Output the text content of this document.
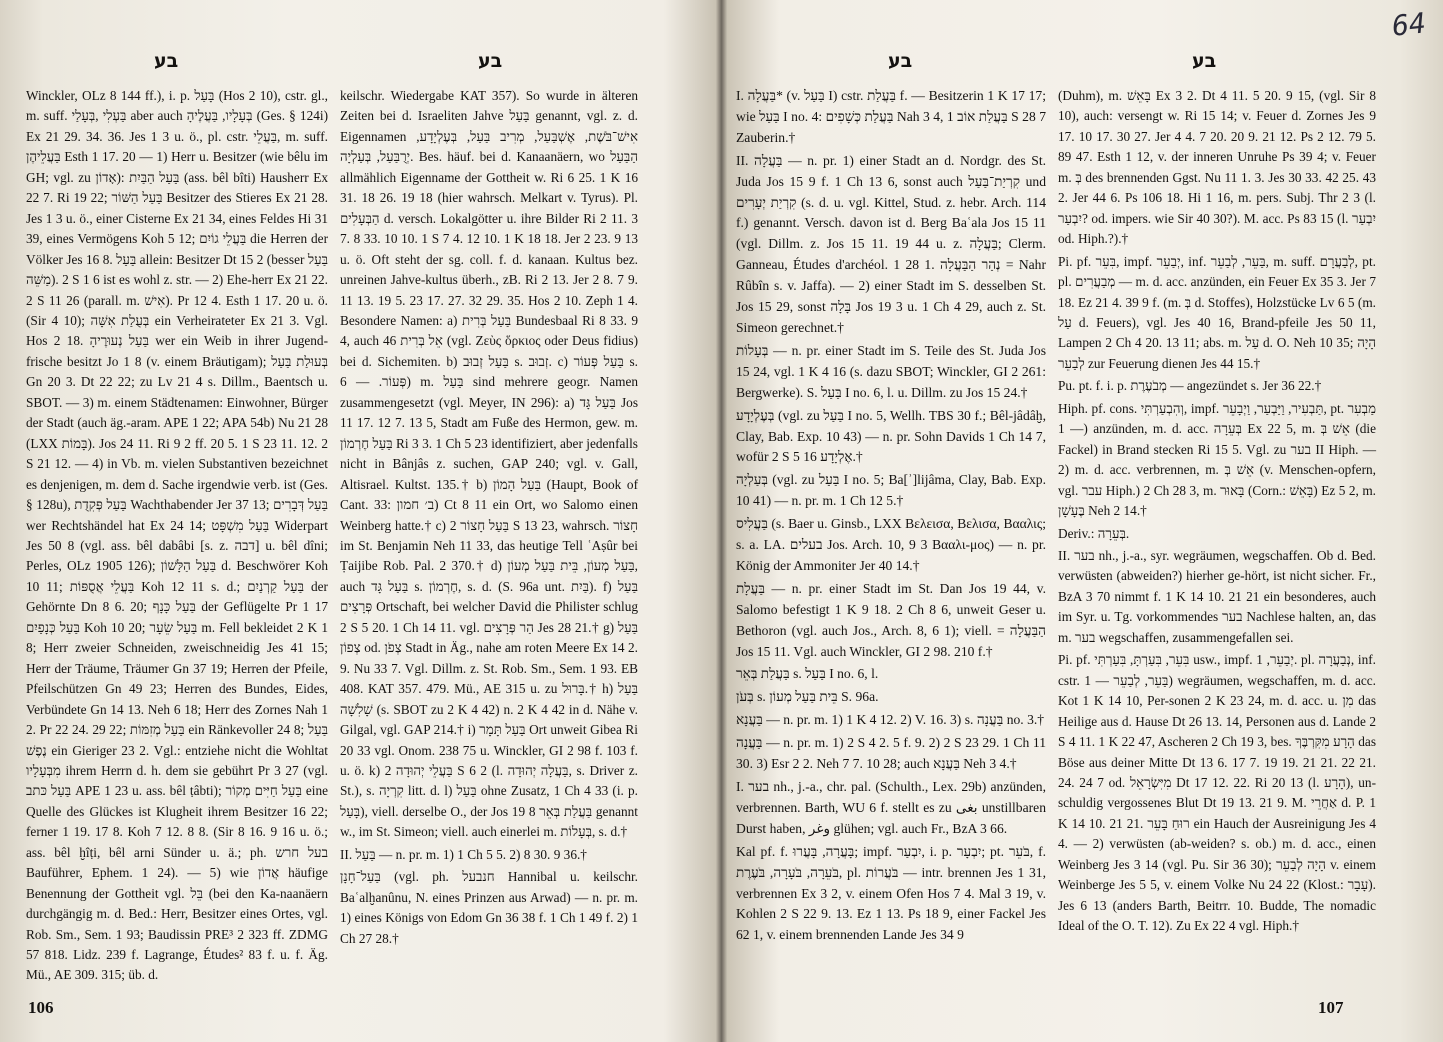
בע	בע

Winckler, OLz 8 144 ff.), i. p. בָּעַל (Hos 2 10), cstr. gl., m. suff. בַּעְלִי ,בְּעָלַי aber auch בְּעָלָיו, בַּעֲלֶיהָ (Ges. § 124i) Ex 21 29. 34. 36. Jes 1 3 u. ö., pl. cstr. בַּעֲלֵי, m. suff. בַּעֲלֵיהֶן Esth 1 17. 20 — 1) Herr u. Besitzer (wie bêlu im GH; vgl. zu אָדוֹן): בַּעַל הַבַּיִת (ass. bêl bîti) Hausherr Ex 22 7. Ri 19 22; בַּעַל הַשּׁוֹר Besitzer des Stieres Ex 21 28. Jes 1 3 u. ö., einer Cisterne Ex 21 34, eines Feldes Hi 31 39, eines Vermögens Koh 5 12; בַּעֲלֵי גוֹיִם die Herren der Völker Jes 16 8. בַּעַל allein: Besitzer Dt 15 2 (besser בַּעַל מַשֵּׁה). 2 S 1 6 ist es wohl z. str. — 2) Ehe-herr Ex 21 22. 2 S 11 26 (parall. m. אִישׁ). Pr 12 4. Esth 1 17. 20 u. ö. (Sir 4 10); בְּעֻלַת אִשָּׁה ein Verheirateter Ex 21 3. Vgl. Hos 2 18. בַּעַל נְעוּרֶיהָ wer ein Weib in ihrer Jugend-frische besitzt Jo 1 8 (v. einem Bräutigam); בְּעוּלַת בַּעַל Gn 20 3. Dt 22 22; zu Lv 21 4 s. Dillm., Baentsch u. SBOT. — 3) m. einem Städtenamen: Einwohner, Bürger der Stadt (auch äg.-aram. APE 1 22; APA 54b) Nu 21 28 (LXX בָּמוֹת). Jos 24 11. Ri 9 2 ff. 20 5. 1 S 23 11. 12. 2 S 21 12. — 4) in Vb. m. vielen Substantiven bezeichnet es denjenigen, m. dem d. Sache irgendwie verb. ist (Ges. § 128u), בַּעַל פְּקִדֻת Wachthabender Jer 37 13; בַּעַל דְּבָרִים wer Rechtshändel hat Ex 24 14; בַּעַל מִשְׁפָּט Widerpart Jes 50 8 (vgl. ass. bêl dabâbi [s. z. דבה] u. bêl dîni; Perles, OLz 1905 126); בַּעַל הַלָּשׁוֹן d. Beschwörer Koh 10 11; בַּעֲלֵי אֲסֻפּוֹת Koh 12 11 s. d.; בַּעַל קַרְנַיִם der Gehörnte Dn 8 6. 20; בַּעַל כָּנָף der Geflügelte Pr 1 17 בַּעַל כְּנָפַיִם Koh 10 20; בַּעַל שֵׂעָר m. Fell bekleidet 2 K 1 8; Herr zweier Schneiden, zweischneidig Jes 41 15; Herr der Träume, Träumer Gn 37 19; Herren der Pfeile, Pfeilschützen Gn 49 23; Herren des Bundes, Eides, Verbündete Gn 14 13. Neh 6 18; Herr des Zornes Nah 1 2. Pr 22 24. 29 22; בַּעַל מְזִמּוֹת ein Ränkevoller 24 8; בַּעַל נֶפֶשׁ ein Gieriger 23 2. Vgl.: entziehe nicht die Wohltat מִבְּעָלָיו ihrem Herrn d. h. dem sie gebührt Pr 3 27 (vgl. בַּעַל כּתב APE 1 23 u. ass. bêl ṭâbti); בַּעַל חַיִּים מְקוֹר eine Quelle des Glückes ist Klugheit ihrem Besitzer 16 22; ferner 1 19. 17 8. Koh 7 12. 8 8. (Sir 8 16. 9 16 u. ö.; ass. bêl ḫîṭi, bêl arni Sünder u. ä.; ph. בעל חרש Bauführer, Ephem. 1 24). — 5) wie אֲדוֹן häufige Benennung der Gottheit vgl. בֵּל (bei den Ka-naanäern durchgängig m. d. Bed.: Herr, Besitzer eines Ortes, vgl. Rob. Sm., Sem. 1 93; Baudissin PRE³ 2 323 ff. ZDMG 57 818. Lidz. 239 f. Lagrange, Études² 83 f. u. f. Äg. Mü., AE 309. 315; üb. d.

keilschr. Wiedergabe KAT 357). So wurde in älteren Zeiten bei d. Israeliten Jahve בַּעַל genannt, vgl. z. d. Eigennamen אִישׁ־בֹּשֶׁת, אֶשְׁבַּעַל, מְרִיב בַּעַל, בְּעֶלְיָדָע, יְרֻבַּעַל, בְּעַלְיָה. Bes. häuf. bei d. Kanaanäern, wo הַבַּעַל allmählich Eigenname der Gottheit w. Ri 6 25. 1 K 16 31. 18 26. 19 18 (hier wahrsch. Melkart v. Tyrus). Pl. הַבְּעָלִים d. versch. Lokalgötter u. ihre Bilder Ri 2 11. 3 7. 8 33. 10 10. 1 S 7 4. 12 10. 1 K 18 18. Jer 2 23. 9 13 u. ö. Oft steht der sg. coll. f. d. kanaan. Kultus bez. unreinen Jahve-kultus überh., zB. Ri 2 13. Jer 2 8. 7 9. 11 13. 19 5. 23 17. 27. 32 29. 35. Hos 2 10. Zeph 1 4. Besondere Namen: a) בַּעַל בְּרִית Bundesbaal Ri 8 33. 9 4, auch אֵל בְּרִית 46 (vgl. Ζεὺς ὅρκιος oder Deus fidius) bei d. Sichemiten. b) בַּעַל זְבוּב s. זְבוּב. c) בַּעַל פְּעוֹר s. פְּעוֹר. — 6) m. בַּעַל sind mehrere geogr. Namen zusammengesetzt (vgl. Meyer, IN 296): a) בַּעַל גָּד Jos 11 17. 12 7. 13 5, Stadt am Fuße des Hermon, gew. m. בַּעַל חֶרְמוֹן Ri 3 3. 1 Ch 5 23 identifiziert, aber jedenfalls nicht in Bânjâs z. suchen, GAP 240; vgl. v. Gall, Altisrael. Kultst. 135.† b) בַּעַל הָמוֹן (Haupt, Book of Cant. 33: ב׳ חמון) Ct 8 11 ein Ort, wo Salomo einen Weinberg hatte.† c) בַּעַל חָצוֹר 2 S 13 23, wahrsch. חָצוֹר im St. Benjamin Neh 11 33, das heutige Tell ʿAṣûr bei Ṭaijibe Rob. Pal. 2 370.† d) בַּעַל מְעוֹן, בֵּית בַּעַל מְעוֹן, auch בַּעַל גָּד s. חֶרְמוֹן, s. d. (S. 96a unt. בַּיִת). f) בַּעַל פְּרָצִים Ortschaft, bei welcher David die Philister schlug 2 S 5 20. 1 Ch 14 11. vgl. הַר פְּרָצִים Jes 28 21.† g) בַּעַל צְפוֹן od. צְפֹן Stadt in Äg., nahe am roten Meere Ex 14 2. 9. Nu 33 7. Vgl. Dillm. z. St. Rob. Sm., Sem. 1 93. EB 408. KAT 357. 479. Mü., AE 315 u. zu בָּרוּל.† h) בַּעַל שָׁלִשָׁה (s. SBOT zu 2 K 4 42) n. 2 K 4 42 in d. Nähe v. Gilgal, vgl. GAP 214.† i) בַּעַל תָּמָר Ort unweit Gibea Ri 20 33 vgl. Onom. 238 75 u. Winckler, GI 2 98 f. 103 f. u. ö. k) בַּעֲלֵי יְהוּדָה 2 S 6 2 (l. בַּעֲלָה יְהוּדָה, s. Driver z. St.), s. קִרְיָה litt. d. l) בַּעַל ohne Zusatz, 1 Ch 4 33 (i. p. בָּעַל), viell. derselbe O., der Jos 19 8 בַּעֲלַת בְּאֵר genannt w., im St. Simeon; viell. auch einerlei m. בְּעָלוֹת, s. d.†

II. בַּעַל — n. pr. m. 1) 1 Ch 5 5. 2) 8 30. 9 36.†

בַּעַל־חָנָן (vgl. ph. חנבעל Hannibal u. keilschr. Baʿalḫanûnu, N. eines Prinzen aus Arwad) — n. pr. m. 1) eines Königs von Edom Gn 36 38 f. 1 Ch 1 49 f. 2) 1 Ch 27 28.†

106
בע	בע

I. בַּעֲלָה* (v. בַּעַל I) cstr. בַּעֲלַת f. — Besitzerin 1 K 17 17; wie בַּעַל I no. 4: בַּעֲלַת כְּשָׁפִים Nah 3 4, בַּעֲלַת אוֹב 1 S 28 7 Zauberin.†

II. בַּעֲלָה — n. pr. 1) einer Stadt an d. Nordgr. des St. Juda Jos 15 9 f. 1 Ch 13 6, sonst auch קִרְיַת־בַּעַל und קִרְיַת יְעָרִים (s. d. u. vgl. Kittel, Stud. z. hebr. Arch. 114 f.) genannt. Versch. davon ist d. Berg Baʿala Jos 15 11 (vgl. Dillm. z. Jos 15 11. 19 44 u. z. בַּעֲלָה; Clerm. Ganneau, Études d'archéol. 1 28 1. נְהַר הַבַּעֲלָה = Nahr Rûbîn s. v. Jaffa). — 2) einer Stadt im S. desselben St. Jos 15 29, sonst בָּלָה Jos 19 3 u. 1 Ch 4 29, auch z. St. Simeon gerechnet.†

בְּעָלוֹת — n. pr. einer Stadt im S. Teile des St. Juda Jos 15 24, vgl. 1 K 4 16 (s. dazu SBOT; Winckler, GI 2 261: Bergwerke). S. בַּעַל I no. 6, l. u. Dillm. zu Jos 15 24.†

בְּעֶלְיָדָע (vgl. zu בַּעַל I no. 5, Wellh. TBS 30 f.; Bêl-jâdâḫ, Clay, Bab. Exp. 10 43) — n. pr. Sohn Davids 1 Ch 14 7, wofür 2 S 5 16 אֶלְיָדָע.†

בְּעַלְיָה (vgl. zu בַּעַל I no. 5; Ba[ʾ]lijâma, Clay, Bab. Exp. 10 41) — n. pr. m. 1 Ch 12 5.†

בַּעֲלִיס (s. Baer u. Ginsb., LXX Βελεισα, Βελισα, Βααλις; s. a. LA. בעלים Jos. Arch. 10, 9 3 Βααλι-μος) — n. pr. König der Ammoniter Jer 40 14.†

בַּעֲלָת — n. pr. einer Stadt im St. Dan Jos 19 44, v. Salomo befestigt 1 K 9 18. 2 Ch 8 6, unweit Geser u. Bethoron (vgl. auch Jos., Arch. 8, 6 1); viell. = הַבַּעֲלָה Jos 15 11. Vgl. auch Winckler, GI 2 98. 210 f.†

בַּעֲלַת בְּאֵר s. בַּעַל I no. 6, l.

בְּעֹן s. בֵּית בַּעַל מְעוֹן S. 96a.

בַּעֲנָא — n. pr. m. 1) 1 K 4 12. 2) V. 16. 3) s. בַּעֲנָה no. 3.†

בַּעֲנָה — n. pr. m. 1) 2 S 4 2. 5 f. 9. 2) 2 S 23 29. 1 Ch 11 30. 3) Esr 2 2. Neh 7 7. 10 28; auch בַּעֲנָא Neh 3 4.†

I. בער nh., j.-a., chr. pal. (Schulth., Lex. 29b) anzünden, verbrennen. Barth, WU 6 f. stellt es zu بغى unstillbaren Durst haben, وغر glühen; vgl. auch Fr., BzA 3 66.

Kal pf. f. בָּעֲרָה, בָּעֲרוּ; impf. יִבְעַר, i. p. יִבְעָר; pt. בֹּעֵר, f. בֹּעֵרָה, בֹּעָרָה, בֹּעֶרֶת, pl. בֹּעֲרוֹת — intr. brennen Jes 1 31, verbrennen Ex 3 2, v. einem Ofen Hos 7 4. Mal 3 19, v. Kohlen 2 S 22 9. 13. Ez 1 13. Ps 18 9, einer Fackel Jes 62 1, v. einem brennenden Lande Jes 34 9

(Duhm), m. בָּאֵשׁ Ex 3 2. Dt 4 11. 5 20. 9 15, (vgl. Sir 8 10), auch: versengt w. Ri 15 14; v. Feuer d. Zornes Jes 9 17. 10 17. 30 27. Jer 4 4. 7 20. 20 9. 21 12. Ps 2 12. 79 5. 89 47. Esth 1 12, v. der inneren Unruhe Ps 39 4; v. Feuer m. בְּ des brennenden Ggst. Nu 11 1. 3. Jes 30 33. 42 25. 43 2. Jer 44 6. Ps 106 18. Hi 1 16, m. pers. Subj. Thr 2 3 (l. יִבְעַר? od. impers. wie Sir 40 30?). M. acc. Ps 83 15 (l. יִבְעַר od. Hiph.?).†

Pi. pf. בִּעֵר, impf. יְבַעֵר, inf. בַּעֵר, לְבַעֵר, m. suff. לְבַעֲרָם, pt. pl. מְבַעֲרִים — m. d. acc. anzünden, ein Feuer Ex 35 3. Jer 7 18. Ez 21 4. 39 9 f. (m. בְּ d. Stoffes), Holzstücke Lv 6 5 (m. עַל d. Feuers), vgl. Jes 40 16, Brand-pfeile Jes 50 11, Lampen 2 Ch 4 20. 13 11; abs. m. עַל d. O. Neh 10 35; הָיָה לְבַעֵר zur Feuerung dienen Jes 44 15.†

Pu. pt. f. i. p. מְבֹעֶרֶת — angezündet s. Jer 36 22.†

Hiph. pf. cons. וְהִבְעַרְתִּי, impf. תַּבְעִיר, וַיַּבְעַר, וַיְבָעֵר, pt. מַבְעִר — 1) anzünden, m. d. acc. בְּעֵרָה Ex 22 5, m. אֵשׁ בְּ (die Fackel) in Brand stecken Ri 15 5. Vgl. zu בער II Hiph. — 2) m. d. acc. verbrennen, m. אֵשׁ בְּ (v. Menschen-opfern, vgl. עבר Hiph.) 2 Ch 28 3, m. בָּאוּר (Corn.: בָּאֵשׁ) Ez 5 2, m. בֶּעָשָׁן Neh 2 14.†

Deriv.: בְּעֵרָה.

II. בער nh., j.-a., syr. wegräumen, wegschaffen. Ob d. Bed. verwüsten (abweiden?) hierher ge-hört, ist nicht sicher. Fr., BzA 3 70 nimmt f. 1 K 14 10. 21 21 ein besonderes, auch im Syr. u. Tg. vorkommendes בער Nachlese halten, an, das m. בער wegschaffen, zusammengefallen sei.

Pi. pf. בִּעֵר, בִּעַרְתָּ, בִּעַרְתִּי usw., impf. יְבַעֵר, 1. pl. נְבַעֲרָה, inf. cstr. בַּעֵר, לְבַעֵר — 1) wegräumen, wegschaffen, m. d. acc. Kot 1 K 14 10, Per-sonen 2 K 23 24, m. d. acc. u. מִן das Heilige aus d. Hause Dt 26 13. 14, Personen aus d. Lande 2 S 4 11. 1 K 22 47, Ascheren 2 Ch 19 3, bes. הָרָע מִקִּרְבֶּךָ das Böse aus deiner Mitte Dt 13 6. 17 7. 19 19. 21 21. 22 21. 24. 24 7 od. מִיִּשְׂרָאֵל Dt 17 12. 22. Ri 20 13 (l. הָרָע), un-schuldig vergossenes Blut Dt 19 13. 21 9. M. אַחֲרֵי d. P. 1 K 14 10. 21 21. רוּחַ בָּעֵר ein Hauch der Ausreinigung Jes 4 4. — 2) verwüsten (ab-weiden? s. ob.) m. d. acc., einen Weinberg Jes 3 14 (vgl. Pu. Sir 36 30); הָיָה לְבַעֵר v. einem Weinberge Jes 5 5, v. einem Volke Nu 24 22 (Klost.: עָבָר). Jes 6 13 (anders Barth, Beitrr. 10. Budde, The nomadic Ideal of the O. T. 12). Zu Ex 22 4 vgl. Hiph.†

107
64
